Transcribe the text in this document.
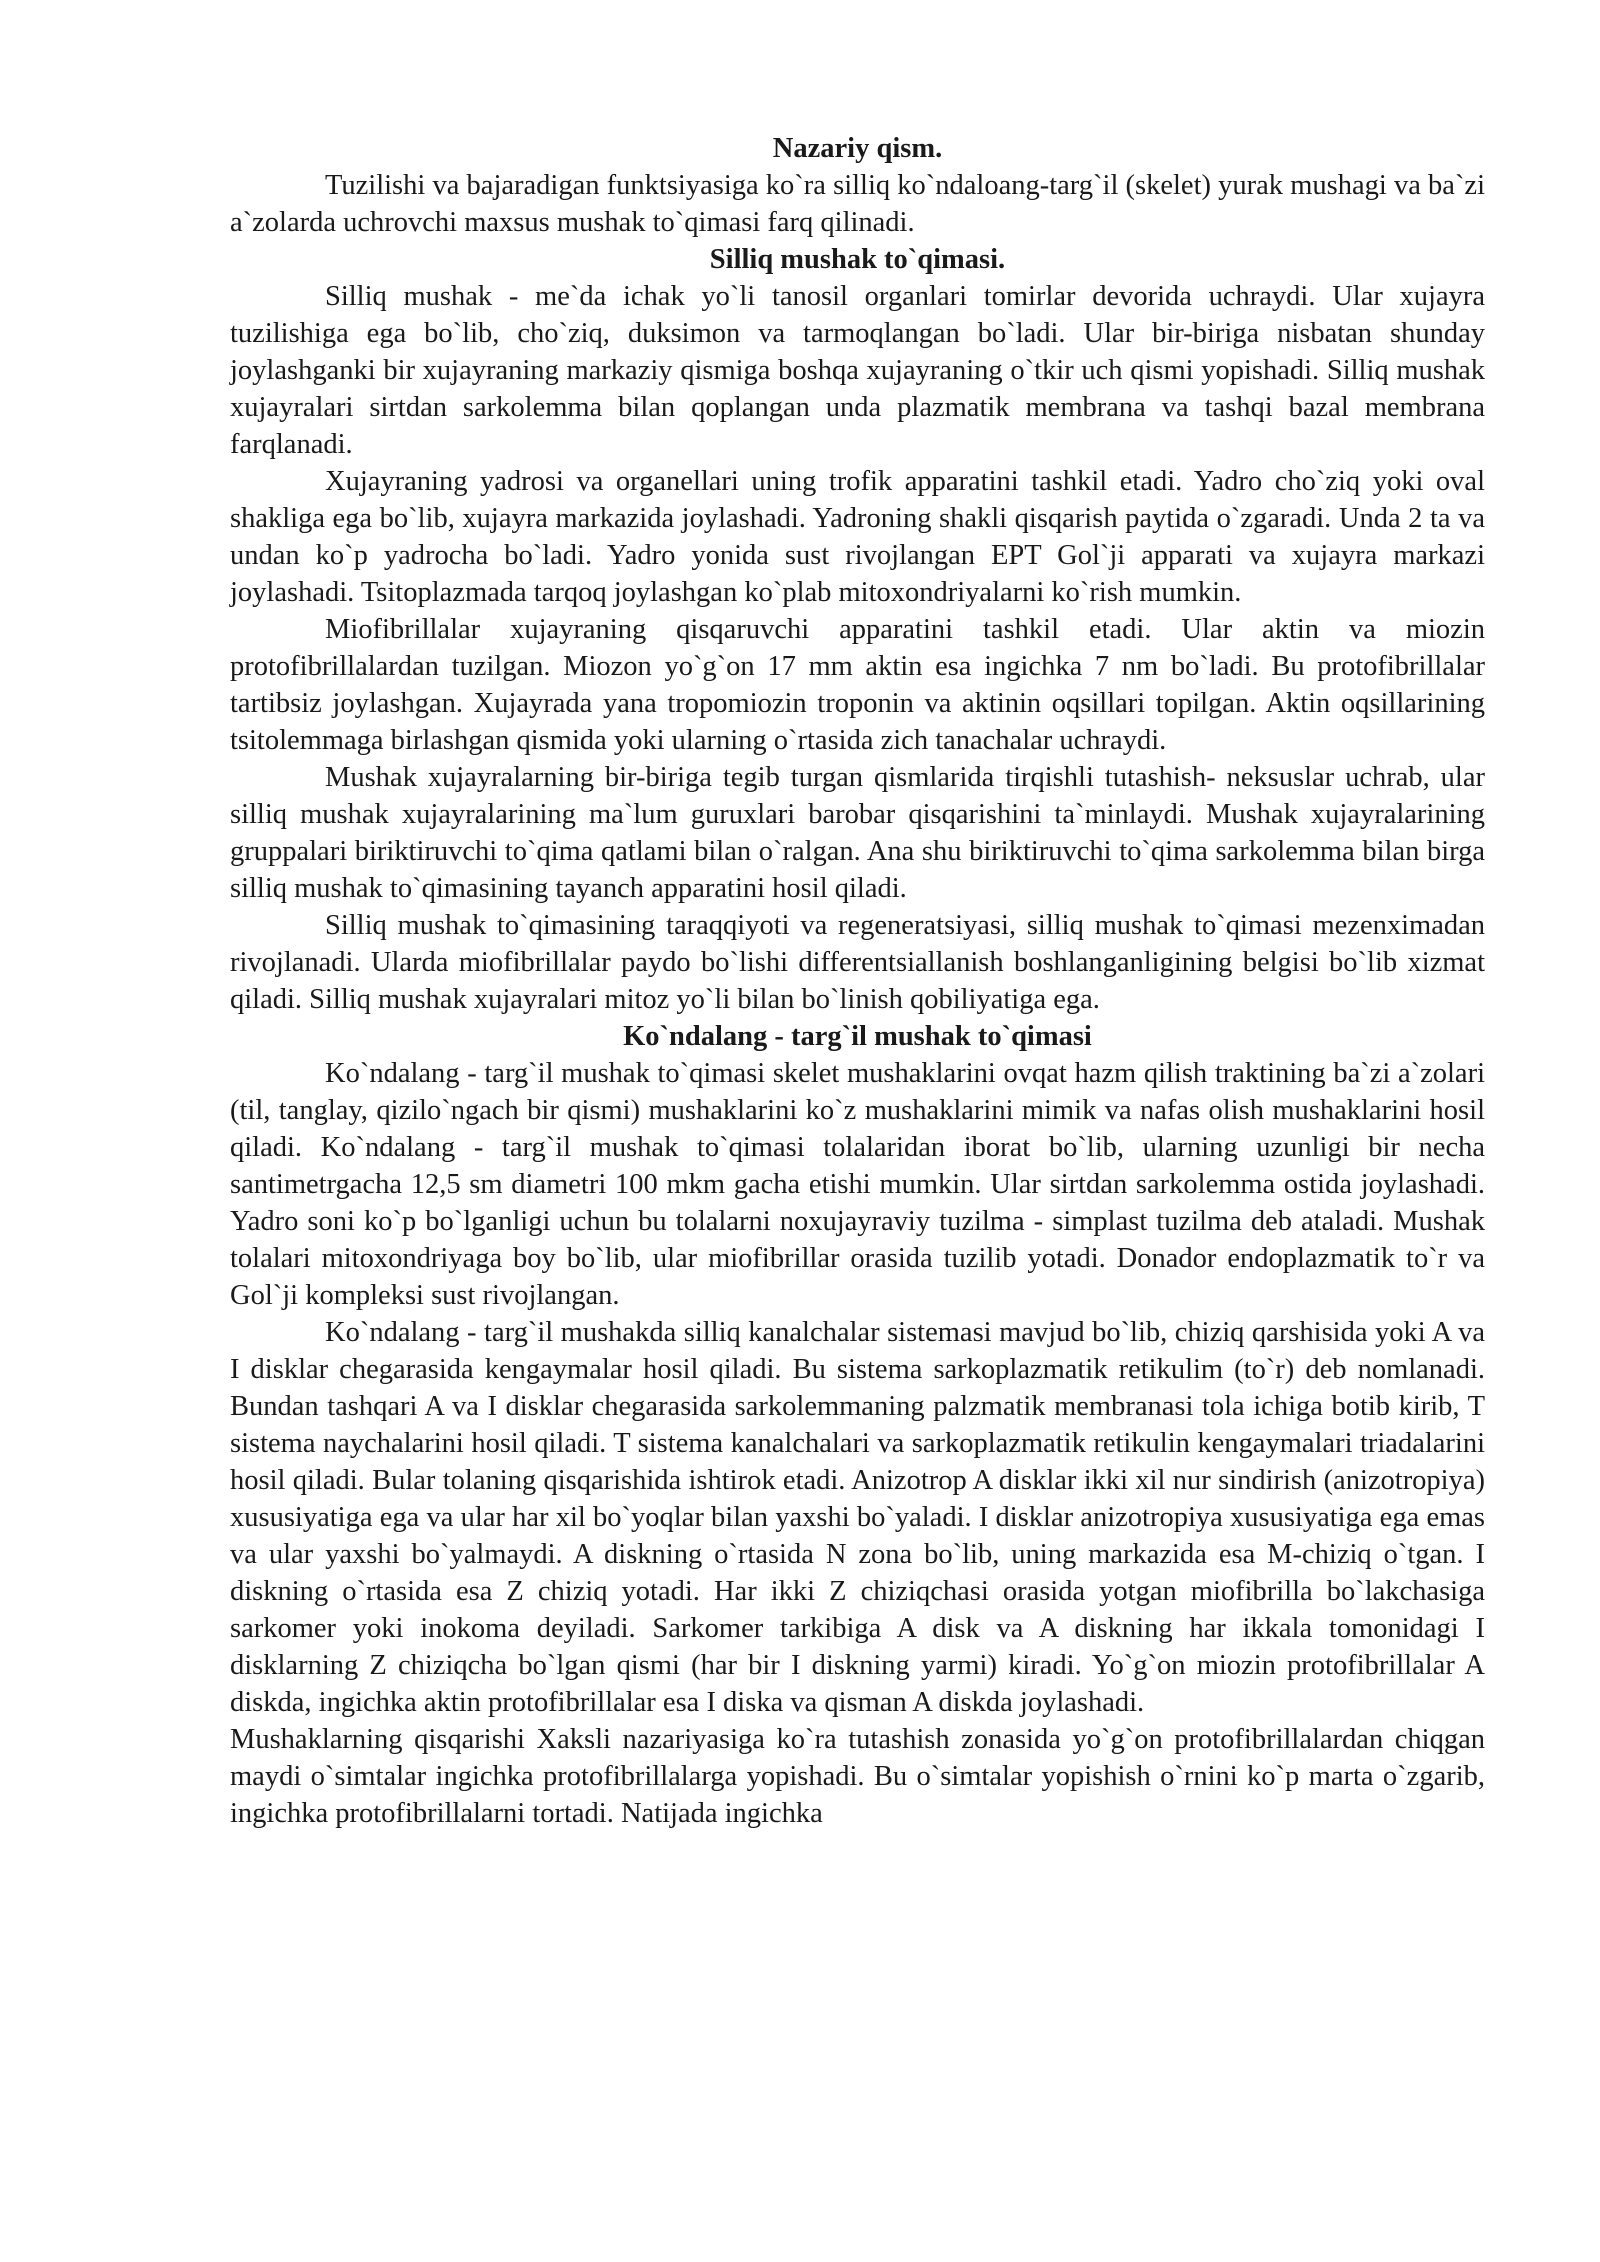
Nazariy qism.

Tuzilishi va bajaradigan funktsiyasiga ko`ra silliq ko`ndaloang-targ`il (skelet) yurak mushagi va ba`zi a`zolarda uchrovchi maxsus mushak to`qimasi farq qilinadi.

Silliq mushak to`qimasi.

Silliq mushak - me`da ichak yo`li tanosil organlari tomirlar devorida uchraydi. Ular xujayra tuzilishiga ega bo`lib, cho`ziq, duksimon va tarmoqlangan bo`ladi. Ular bir-biriga nisbatan shunday joylashganki bir xujayraning markaziy qismiga boshqa xujayraning o`tkir uch qismi yopishadi. Silliq mushak xujayralari sirtdan sarkolemma bilan qoplangan unda plazmatik membrana va tashqi bazal membrana farqlanadi.

Xujayraning yadrosi va organellari uning trofik apparatini tashkil etadi. Yadro cho`ziq yoki oval shakliga ega bo`lib, xujayra markazida joylashadi. Yadroning shakli qisqarish paytida o`zgaradi. Unda 2 ta va undan ko`p yadrocha bo`ladi. Yadro yonida sust rivojlangan EPT Gol`ji apparati va xujayra markazi joylashadi. Tsitoplazmada tarqoq joylashgan ko`plab mitoxondriyalarni ko`rish mumkin.

Miofibrillalar xujayraning qisqaruvchi apparatini tashkil etadi. Ular aktin va miozin protofibrillalardan tuzilgan. Miozon yo`g`on 17 mm aktin esa ingichka 7 nm bo`ladi. Bu protofibrillalar tartibsiz joylashgan. Xujayrada yana tropomiozin troponin va aktinin oqsillari topilgan. Aktin oqsillarining tsitolemmaga birlashgan qismida yoki ularning o`rtasida zich tanachalar uchraydi.

Mushak xujayralarning bir-biriga tegib turgan qismlarida tirqishli tutashish- neksuslar uchrab, ular silliq mushak xujayralarining ma`lum guruxlari barobar qisqarishini ta`minlaydi. Mushak xujayralarining gruppalari biriktiruvchi to`qima qatlami bilan o`ralgan. Ana shu biriktiruvchi to`qima sarkolemma bilan birga silliq mushak to`qimasining tayanch apparatini hosil qiladi.

Silliq mushak to`qimasining taraqqiyoti va regeneratsiyasi, silliq mushak to`qimasi mezenximadan rivojlanadi. Ularda miofibrillalar paydo bo`lishi differentsiallanish boshlanganligining belgisi bo`lib xizmat qiladi. Silliq mushak xujayralari mitoz yo`li bilan bo`linish qobiliyatiga ega.

Ko`ndalang - targ`il mushak to`qimasi

Ko`ndalang - targ`il mushak to`qimasi skelet mushaklarini ovqat hazm qilish traktining ba`zi a`zolari (til, tanglay, qizilo`ngach bir qismi) mushaklarini ko`z mushaklarini mimik va nafas olish mushaklarini hosil qiladi. Ko`ndalang - targ`il mushak to`qimasi tolalaridan iborat bo`lib, ularning uzunligi bir necha santimetrgacha 12,5 sm diametri 100 mkm gacha etishi mumkin. Ular sirtdan sarkolemma ostida joylashadi. Yadro soni ko`p bo`lganligi uchun bu tolalarni noxujayraviy tuzilma - simplast tuzilma deb ataladi. Mushak tolalari mitoxondriyaga boy bo`lib, ular miofibrillar orasida tuzilib yotadi. Donador endoplazmatik to`r va Gol`ji kompleksi sust rivojlangan.

Ko`ndalang - targ`il mushakda silliq kanalchalar sistemasi mavjud bo`lib, chiziq qarshisida yoki A va I disklar chegarasida kengaymalar hosil qiladi. Bu sistema sarkoplazmatik retikulim (to`r) deb nomlanadi. Bundan tashqari A va I disklar chegarasida sarkolemmaning palzmatik membranasi tola ichiga botib kirib, T sistema naychalarini hosil qiladi. T sistema kanalchalari va sarkoplazmatik retikulin kengaymalari triadalarini hosil qiladi. Bular tolaning qisqarishida ishtirok etadi. Anizotrop A disklar ikki xil nur sindirish (anizotropiya) xususiyatiga ega va ular har xil bo`yoqlar bilan yaxshi bo`yaladi. I disklar anizotropiya xususiyatiga ega emas va ular yaxshi bo`yalmaydi. A diskning o`rtasida N zona bo`lib, uning markazida esa M-chiziq o`tgan. I diskning o`rtasida esa Z chiziq yotadi. Har ikki Z chiziqchasi orasida yotgan miofibrilla bo`lakchasiga sarkomer yoki inokoma deyiladi. Sarkomer tarkibiga A disk va A diskning har ikkala tomonidagi I disklarning Z chiziqcha bo`lgan qismi (har bir I diskning yarmi) kiradi. Yo`g`on miozin protofibrillalar A diskda, ingichka aktin protofibrillalar esa I diska va qisman A diskda joylashadi.

Mushaklarning qisqarishi Xaksli nazariyasiga ko`ra tutashish zonasida yo`g`on protofibrillalardan chiqgan maydi o`simtalar ingichka protofibrillalarga yopishadi. Bu o`simtalar yopishish o`rnini ko`p marta o`zgarib, ingichka protofibrillalarni tortadi. Natijada ingichka
